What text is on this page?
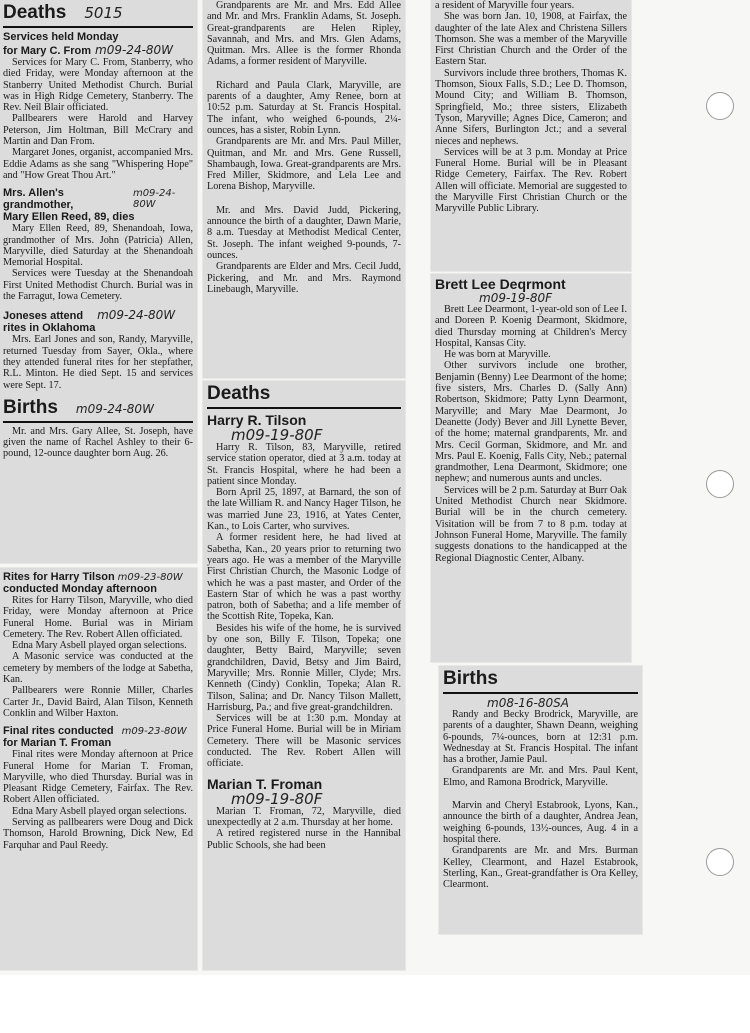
Deaths 5015
Services held Monday
for Mary C. From m09-24-80W

Services for Mary C. From, Stanberry, who died Friday, were Monday afternoon at the Stanberry United Methodist Church. Burial was in High Ridge Cemetery, Stanberry. The Rev. Neil Blair officiated.

Pallbearers were Harold and Harvey Peterson, Jim Holtman, Bill McCrary and Martin and Dan From.

Margaret Jones, organist, accompanied Mrs. Eddie Adams as she sang "Whispering Hope" and "How Great Thou Art."

Mrs. Allen's grandmother,
m09-24-80W
Mary Ellen Reed, 89, dies

Mary Ellen Reed, 89, Shenandoah, Iowa, grandmother of Mrs. John (Patricia) Allen, Maryville, died Saturday at the Shenandoah Memorial Hospital.

Services were Tuesday at the Shenandoah First United Methodist Church. Burial was in the Farragut, Iowa Cemetery.

Joneses attend m09-24-80W
rites in Oklahoma

Mrs. Earl Jones and son, Randy, Maryville, returned Tuesday from Sayer, Okla., where they attended funeral rites for her stepfather, R.L. Minton. He died Sept. 15 and services were Sept. 17.

Births m09-24-80W

Mr. and Mrs. Gary Allee, St. Joseph, have given the name of Rachel Ashley to their 6-pound, 12-ounce daughter born Aug. 26.

Rites for Harry Tilson m09-23-80W
conducted Monday afternoon

Rites for Harry Tilson, Maryville, who died Friday, were Monday afternoon at Price Funeral Home. Burial was in Miriam Cemetery. The Rev. Robert Allen officiated.

Edna Mary Asbell played organ selections.

A Masonic service was conducted at the cemetery by members of the lodge at Sabetha, Kan.

Pallbearers were Ronnie Miller, Charles Carter Jr., David Baird, Alan Tilson, Kenneth Conklin and Wilber Haxton.

Final rites conducted m09-23-80W
for Marian T. Froman

Final rites were Monday afternoon at Price Funeral Home for Marian T. Froman, Maryville, who died Thursday. Burial was in Pleasant Ridge Cemetery, Fairfax. The Rev. Robert Allen officiated.

Edna Mary Asbell played organ selections.

Serving as pallbearers were Doug and Dick Thomson, Harold Browning, Dick New, Ed Farquhar and Paul Reedy.

Grandparents are Mr. and Mrs. Edd Allee and Mr. and Mrs. Franklin Adams, St. Joseph. Great-grandparents are Helen Ripley, Savannah, and Mrs. and Mrs. Glen Adams, Quitman. Mrs. Allee is the former Rhonda Adams, a former resident of Maryville.

Richard and Paula Clark, Maryville, are parents of a daughter, Amy Renee, born at 10:52 p.m. Saturday at St. Francis Hospital. The infant, who weighed 6-pounds, 2¼-ounces, has a sister, Robin Lynn.

Grandparents are Mr. and Mrs. Paul Miller, Quitman, and Mr. and Mrs. Gene Russell, Shambaugh, Iowa. Great-grandparents are Mrs. Fred Miller, Skidmore, and Lela Lee and Lorena Bishop, Maryville.

Mr. and Mrs. David Judd, Pickering, announce the birth of a daughter, Dawn Marie, 8 a.m. Tuesday at Methodist Medical Center, St. Joseph. The infant weighed 9-pounds, 7-ounces.

Grandparents are Elder and Mrs. Cecil Judd, Pickering, and Mr. and Mrs. Raymond Linebaugh, Maryville.

Deaths
Harry R. Tilson
m09-19-80F

Harry R. Tilson, 83, Maryville, retired service station operator, died at 3 a.m. today at St. Francis Hospital, where he had been a patient since Monday.

Born April 25, 1897, at Barnard, the son of the late William R. and Nancy Hager Tilson, he was married June 23, 1916, at Yates Center, Kan., to Lois Carter, who survives.

A former resident here, he had lived at Sabetha, Kan., 20 years prior to returning two years ago. He was a member of the Maryville First Christian Church, the Masonic Lodge of which he was a past master, and Order of the Eastern Star of which he was a past worthy patron, both of Sabetha; and a life member of the Scottish Rite, Topeka, Kan.

Besides his wife of the home, he is survived by one son, Billy F. Tilson, Topeka; one daughter, Betty Baird, Maryville; seven grandchildren, David, Betsy and Jim Baird, Maryville; Mrs. Ronnie Miller, Clyde; Mrs. Kenneth (Cindy) Conklin, Topeka; Alan R. Tilson, Salina; and Dr. Nancy Tilson Mallett, Harrisburg, Pa.; and five great-grandchildren.

Services will be at 1:30 p.m. Monday at Price Funeral Home. Burial will be in Miriam Cemetery. There will be Masonic services conducted. The Rev. Robert Allen will officiate.

Marian T. Froman
m09-19-80F

Marian T. Froman, 72, Maryville, died unexpectedly at 2 a.m. Thursday at her home.

A retired registered nurse in the Hannibal Public Schools, she had been

a resident of Maryville four years.

She was born Jan. 10, 1908, at Fairfax, the daughter of the late Alex and Christena Sillers Thomson. She was a member of the Maryville First Christian Church and the Order of the Eastern Star.

Survivors include three brothers, Thomas K. Thomson, Sioux Falls, S.D.; Lee D. Thomson, Mound City; and William B. Thomson, Springfield, Mo.; three sisters, Elizabeth Tyson, Maryville; Agnes Dice, Cameron; and Anne Sifers, Burlington Jct.; and a several nieces and nephews.

Services will be at 3 p.m. Monday at Price Funeral Home. Burial will be in Pleasant Ridge Cemetery, Fairfax. The Rev. Robert Allen will officiate. Memorial are suggested to the Maryville First Christian Church or the Maryville Public Library.

Brett Lee Deqrmont
m09-19-80F

Brett Lee Dearmont, 1-year-old son of Lee I. and Doreen P. Koenig Dearmont, Skidmore, died Thursday morning at Children's Mercy Hospital, Kansas City.

He was born at Maryville.

Other survivors include one brother, Benjamin (Benny) Lee Dearmont of the home; five sisters, Mrs. Charles D. (Sally Ann) Robertson, Skidmore; Patty Lynn Dearmont, Maryville; and Mary Mae Dearmont, Jo Deanette (Jody) Bever and Jill Lynette Bever, of the home; maternal grandparents, Mr. and Mrs. Cecil Gorman, Skidmore, and Mr. and Mrs. Paul E. Koenig, Falls City, Neb.; paternal grandmother, Lena Dearmont, Skidmore; one nephew; and numerous aunts and uncles.

Services will be 2 p.m. Saturday at Burr Oak United Methodist Church near Skidmore. Burial will be in the church cemetery. Visitation will be from 7 to 8 p.m. today at Johnson Funeral Home, Maryville. The family suggests donations to the handicapped at the Regional Diagnostic Center, Albany.

Births
m08-16-80SA

Randy and Becky Brodrick, Maryville, are parents of a daughter, Shawn Deann, weighing 6-pounds, 7¼-ounces, born at 12:31 p.m. Wednesday at St. Francis Hospital. The infant has a brother, Jamie Paul.

Grandparents are Mr. and Mrs. Paul Kent, Elmo, and Ramona Brodrick, Maryville.

Marvin and Cheryl Estabrook, Lyons, Kan., announce the birth of a daughter, Andrea Jean, weighing 6-pounds, 13½-ounces, Aug. 4 in a hospital there.

Grandparents are Mr. and Mrs. Burman Kelley, Clearmont, and Hazel Estabrook, Sterling, Kan., Great-grandfather is Ora Kelley, Clearmont.
